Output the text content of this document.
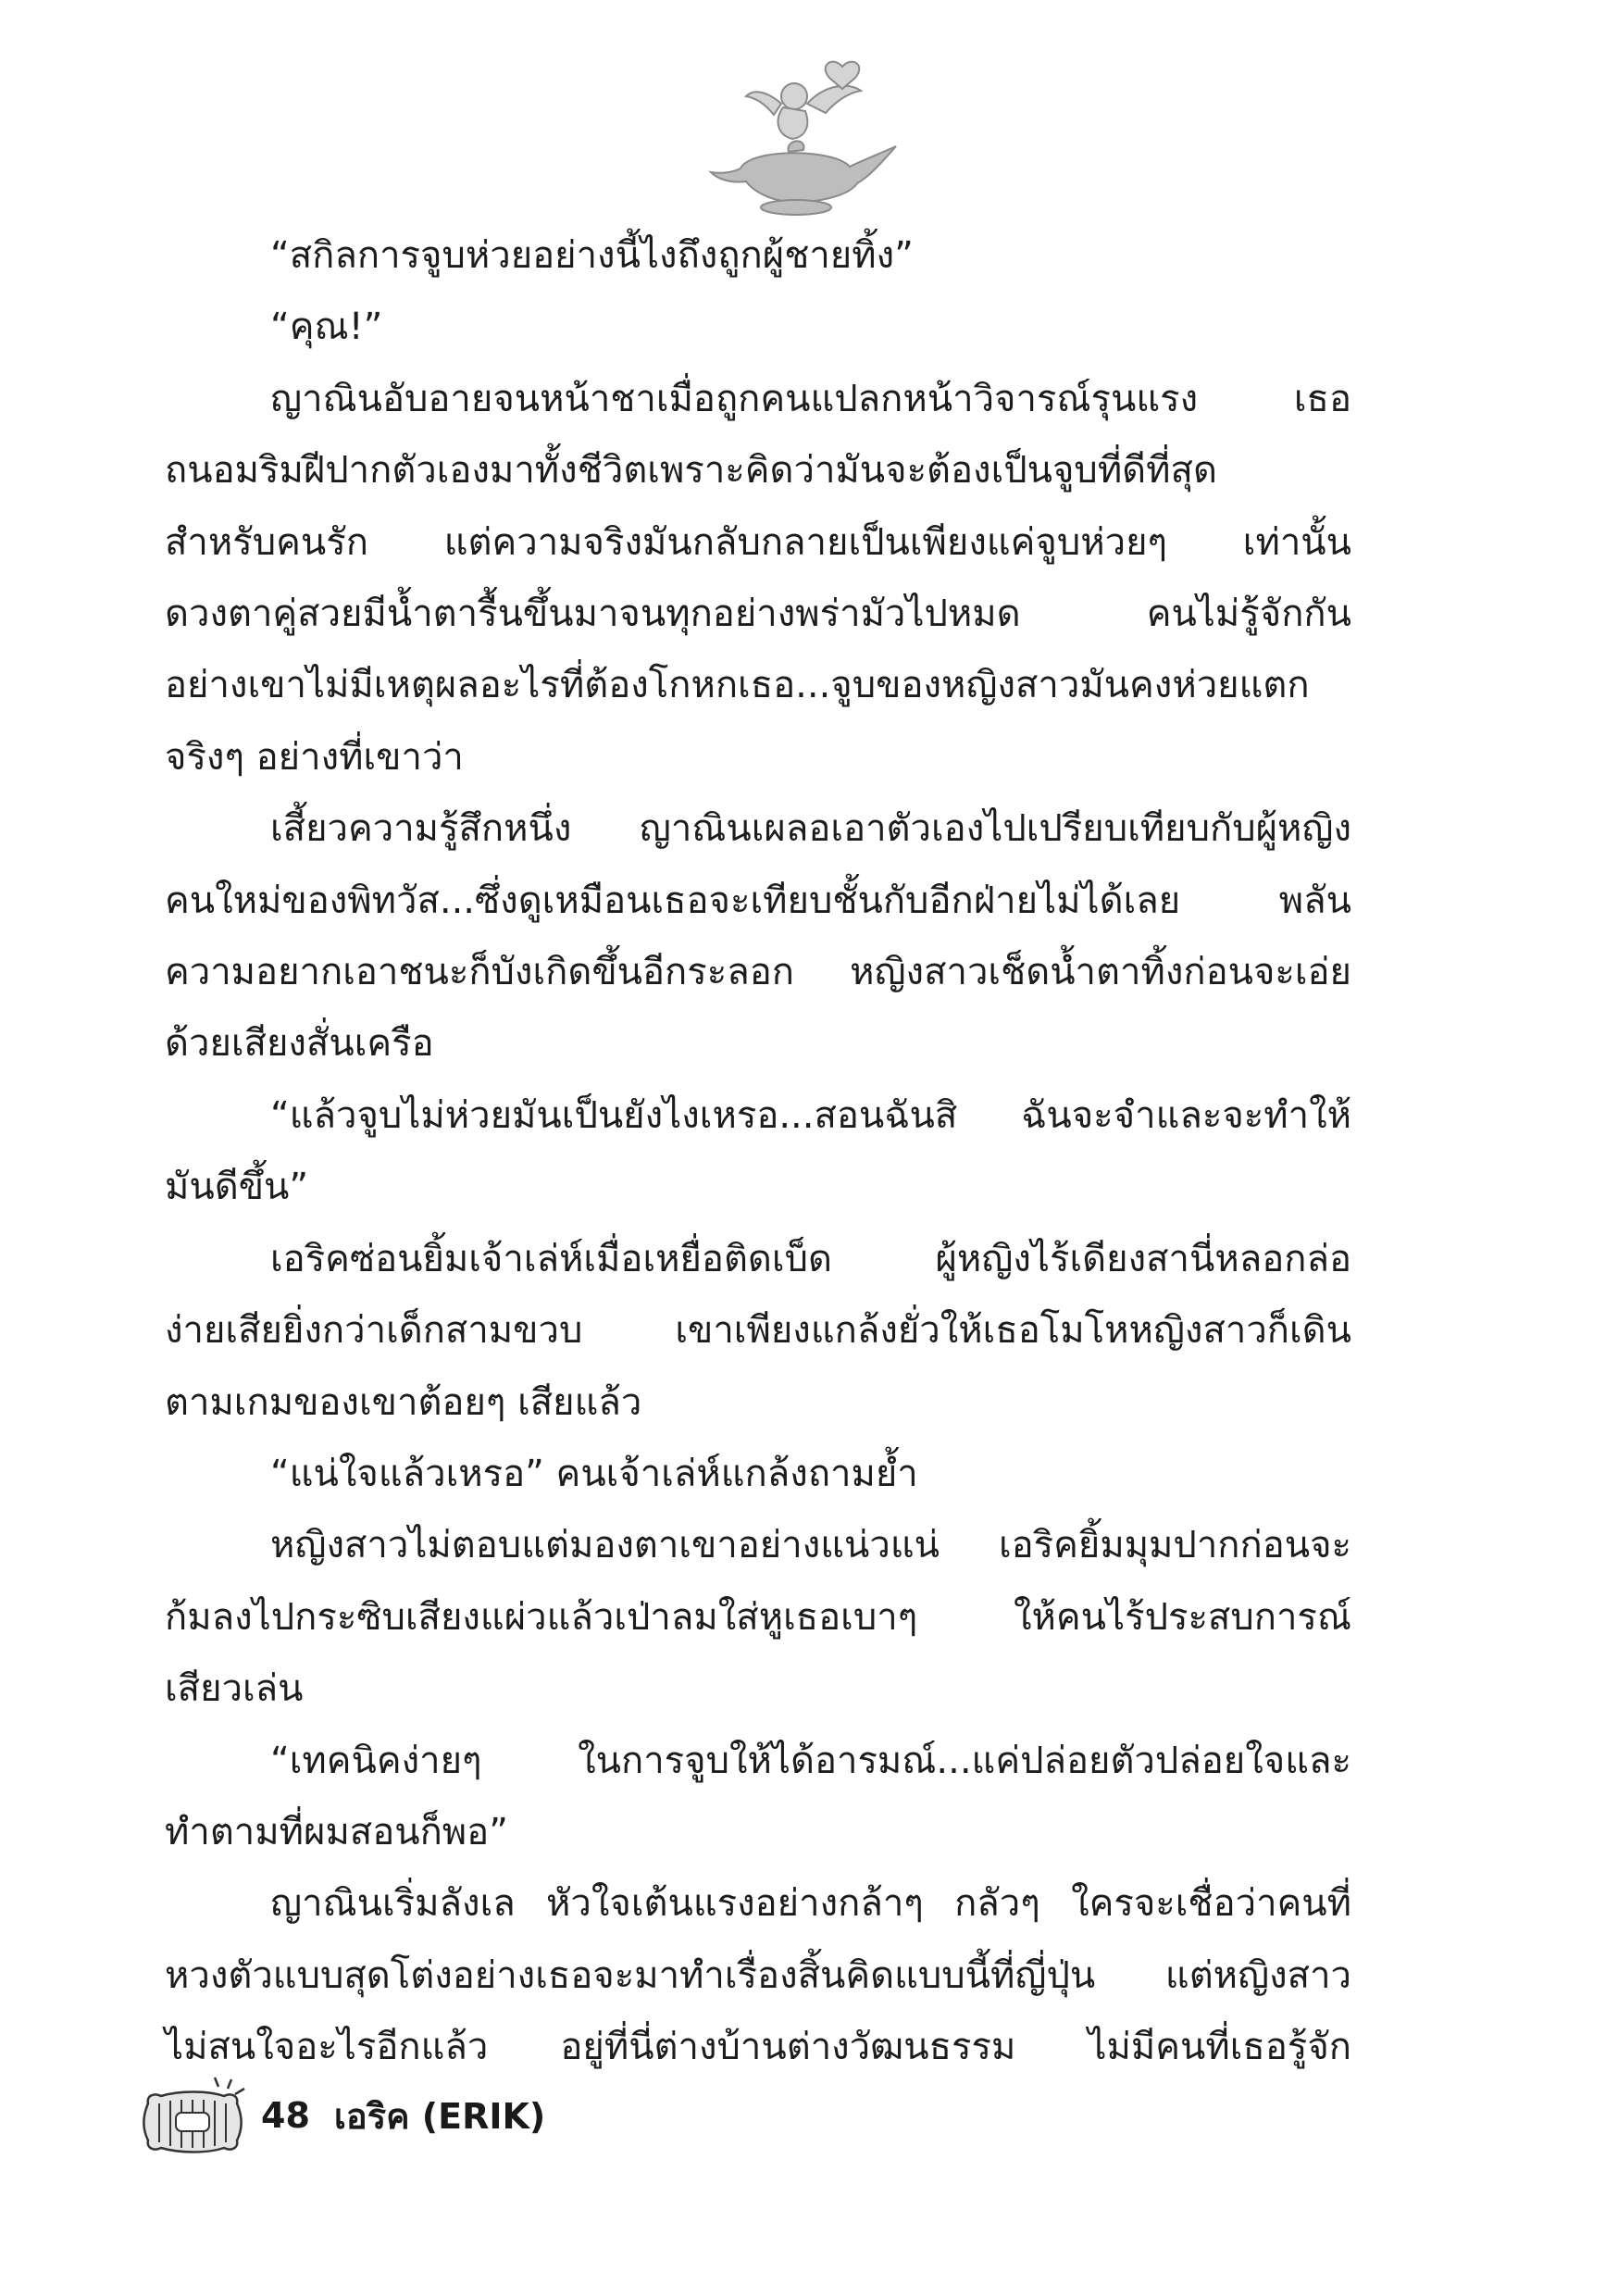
“สกิลการจูบห่วยอย่างนี้ไงถึงถูกผู้ชายทิ้ง”

“คุณ!”

ญาณินอับอายจนหน้าชาเมื่อถูกคนแปลกหน้าวิจารณ์รุนแรง เธอ
ถนอมริมฝีปากตัวเองมาทั้งชีวิตเพราะคิดว่ามันจะต้องเป็นจูบที่ดีที่สุด
สำหรับคนรัก แต่ความจริงมันกลับกลายเป็นเพียงแค่จูบห่วยๆ เท่านั้น
ดวงตาคู่สวยมีน้ำตารื้นขึ้นมาจนทุกอย่างพร่ามัวไปหมด คนไม่รู้จักกัน
อย่างเขาไม่มีเหตุผลอะไรที่ต้องโกหกเธอ...จูบของหญิงสาวมันคงห่วยแตก
จริงๆ อย่างที่เขาว่า

เสี้ยวความรู้สึกหนึ่ง ญาณินเผลอเอาตัวเองไปเปรียบเทียบกับผู้หญิง
คนใหม่ของพิทวัส...ซึ่งดูเหมือนเธอจะเทียบชั้นกับอีกฝ่ายไม่ได้เลย พลัน
ความอยากเอาชนะก็บังเกิดขึ้นอีกระลอก หญิงสาวเช็ดน้ำตาทิ้งก่อนจะเอ่ย
ด้วยเสียงสั่นเครือ

“แล้วจูบไม่ห่วยมันเป็นยังไงเหรอ...สอนฉันสิ ฉันจะจำและจะทำให้
มันดีขึ้น”

เอริคซ่อนยิ้มเจ้าเล่ห์เมื่อเหยื่อติดเบ็ด ผู้หญิงไร้เดียงสานี่หลอกล่อ
ง่ายเสียยิ่งกว่าเด็กสามขวบ เขาเพียงแกล้งยั่วให้เธอโมโหหญิงสาวก็เดิน
ตามเกมของเขาต้อยๆ เสียแล้ว

“แน่ใจแล้วเหรอ” คนเจ้าเล่ห์แกล้งถามย้ำ

หญิงสาวไม่ตอบแต่มองตาเขาอย่างแน่วแน่ เอริคยิ้มมุมปากก่อนจะ
ก้มลงไปกระซิบเสียงแผ่วแล้วเป่าลมใส่หูเธอเบาๆ ให้คนไร้ประสบการณ์
เสียวเล่น

“เทคนิคง่ายๆ ในการจูบให้ได้อารมณ์...แค่ปล่อยตัวปล่อยใจและ
ทำตามที่ผมสอนก็พอ”

ญาณินเริ่มลังเล หัวใจเต้นแรงอย่างกล้าๆ กลัวๆ ใครจะเชื่อว่าคนที่
หวงตัวแบบสุดโต่งอย่างเธอจะมาทำเรื่องสิ้นคิดแบบนี้ที่ญี่ปุ่น แต่หญิงสาว
ไม่สนใจอะไรอีกแล้ว อยู่ที่นี่ต่างบ้านต่างวัฒนธรรม ไม่มีคนที่เธอรู้จัก

48 เอริค (ERIK)
